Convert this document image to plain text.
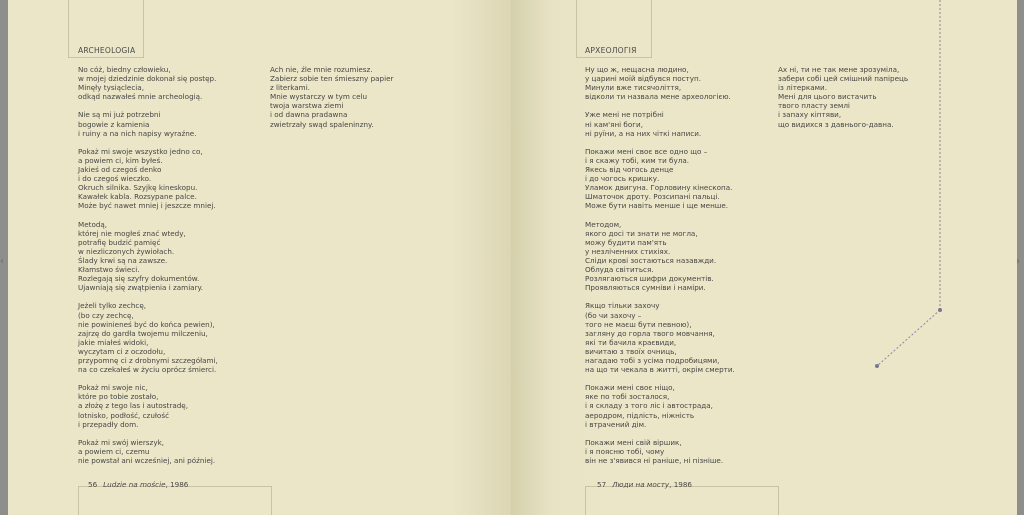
ARCHEOLOGIA
No cóż, biedny człowieku,
w mojej dziedzinie dokonał się postęp.
Minęły tysiąclecia,
odkąd nazwałeś mnie archeologią.
Nie są mi już potrzebni
bogowie z kamienia
i ruiny a na nich napisy wyraźne.
Pokaż mi swoje wszystko jedno co,
a powiem ci, kim byłeś.
Jakieś od czegoś denko
i do czegoś wieczko.
Okruch silnika. Szyjkę kineskopu.
Kawałek kabla. Rozsypane palce.
Może być nawet mniej i jeszcze mniej.
Metodą,
której nie mogłeś znać wtedy,
potrafię budzić pamięć
w niezliczonych żywiołach.
Ślady krwi są na zawsze.
Kłamstwo świeci.
Rozlegają się szyfry dokumentów.
Ujawniają się zwątpienia i zamiary.
Jeżeli tylko zechcę,
(bo czy zechcę,
nie powinieneś być do końca pewien),
zajrzę do gardła twojemu milczeniu,
jakie miałeś widoki,
wyczytam ci z oczodołu,
przypomnę ci z drobnymi szczegółami,
na co czekałeś w życiu oprócz śmierci.
Pokaż mi swoje nic,
które po tobie zostało,
a złożę z tego las i autostradę,
lotnisko, podłość, czułość
i przepadły dom.
Pokaż mi swój wierszyk,
a powiem ci, czemu
nie powstał ani wcześniej, ani później.
Ach nie, źle mnie rozumiesz.
Zabierz sobie ten śmieszny papier
z literkami.
Mnie wystarczy w tym celu
twoja warstwa ziemi
i od dawna pradawna
zwietrzały swąd spaleninzny.
56 Ludzie na moście, 1986
АРХЕОЛОГІЯ
Ну що ж, нещасна людино,
у царині моїй відбувся поступ.
Минули вже тисячоліття,
відколи ти назвала мене археологією.
Уже мені не потрібні
ні кам'яні боги,
ні руїни, а на них чіткі написи.
Покажи мені своє все одно що –
і я скажу тобі, ким ти була.
Якесь від чогось денце
і до чогось кришку.
Уламок двигуна. Горловину кінескопа.
Шматочок дроту. Розсипані пальці.
Може бути навіть менше і ще менше.
Методом,
якого досі ти знати не могла,
можу будити пам'ять
у незліченних стихіях.
Сліди крові зостаються назавжди.
Облуда світиться.
Розлягаються шифри документів.
Проявляються сумніви і наміри.
Якщо тільки захочу
(бо чи захочу –
того не маєш бути певною),
загляну до горла твого мовчання,
які ти бачила краєвиди,
вичитаю з твоїх очниць,
нагадаю тобі з усіма подробицями,
на що ти чекала в житті, окрім смерти.
Покажи мені своє ніщо,
яке по тобі зосталося,
і я складу з того ліс і автострада,
аеродром, підлість, ніжність
і втрачений дім.
Покажи мені свій віршик,
і я поясню тобі, чому
він не з'явився ні раніше, ні пізніше.
Ах ні, ти не так мене зрозуміла,
забери собі цей смішний папірець
із літерками.
Мені для цього вистачить
твого пласту землі
і запаху кіптяви,
що видихся з давнього-давна.
57 Люди на мосту, 1986
‹	›
